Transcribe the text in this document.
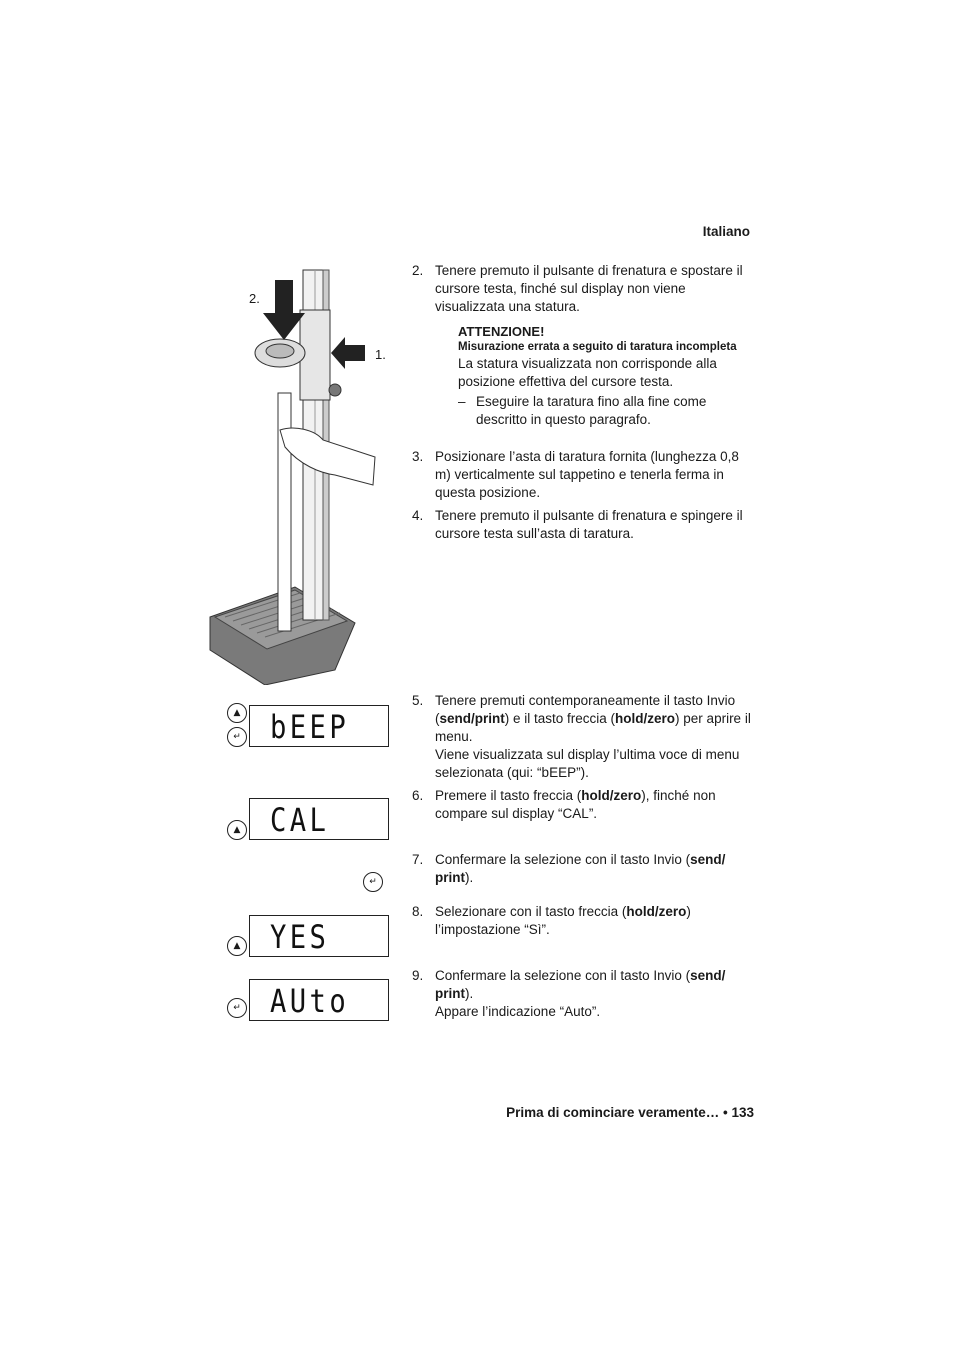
Italiano
2.
1.
2. Tenere premuto il pulsante di frenatura e spostare il cursore testa, finché sul display non viene visualizzata una statura.
ATTENZIONE!
Misurazione errata a seguito di taratura incompleta
La statura visualizzata non corrisponde alla posizione effettiva del cursore testa.
– Eseguire la taratura fino alla fine come descritto in questo paragrafo.
3. Posizionare l’asta di taratura fornita (lunghezza 0,8 m) verticalmente sul tappetino e tenerla ferma in questa posizione.
4. Tenere premuto il pulsante di frenatura e spingere il cursore testa sull’asta di taratura.
5. Tenere premuti contemporaneamente il tasto Invio (send/print) e il tasto freccia (hold/zero) per aprire il menu.
Viene visualizzata sul display l’ultima voce di menu selezionata (qui: “bEEP”).
6. Premere il tasto freccia (hold/zero), finché non compare sul display “CAL”.
7. Confermare la selezione con il tasto Invio (send/ print).
8. Selezionare con il tasto freccia (hold/zero) l’impostazione “Sì”.
9. Confermare la selezione con il tasto Invio (send/ print).
Appare l’indicazione “Auto”.
▲
↵ bEEP
CAL
▲
↵
YES
▲
AUto
↵
Prima di cominciare veramente… • 133
